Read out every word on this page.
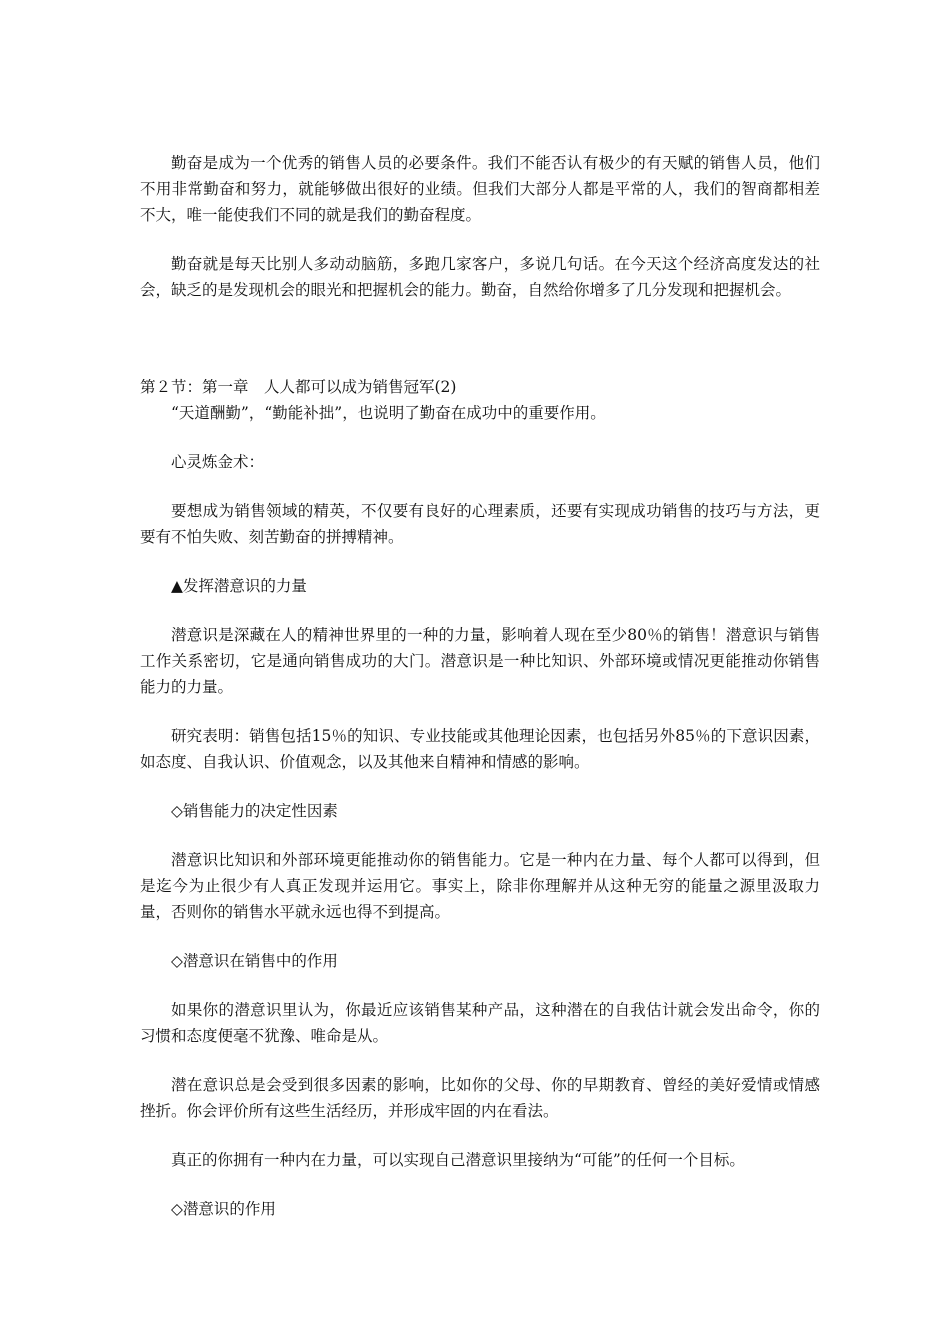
勤奋是成为一个优秀的销售人员的必要条件。我们不能否认有极少的有天赋的销售人员，他们不用非常勤奋和努力，就能够做出很好的业绩。但我们大部分人都是平常的人，我们的智商都相差不大，唯一能使我们不同的就是我们的勤奋程度。

勤奋就是每天比别人多动动脑筋，多跑几家客户，多说几句话。在今天这个经济高度发达的社会，缺乏的是发现机会的眼光和把握机会的能力。勤奋，自然给你增多了几分发现和把握机会。

第２节：第一章　人人都可以成为销售冠军(2)

“天道酬勤”，“勤能补拙”，也说明了勤奋在成功中的重要作用。

心灵炼金术：

要想成为销售领域的精英，不仅要有良好的心理素质，还要有实现成功销售的技巧与方法，更要有不怕失败、刻苦勤奋的拼搏精神。

▲发挥潜意识的力量

潜意识是深藏在人的精神世界里的一种的力量，影响着人现在至少80％的销售！潜意识与销售工作关系密切，它是通向销售成功的大门。潜意识是一种比知识、外部环境或情况更能推动你销售能力的力量。

研究表明：销售包括15％的知识、专业技能或其他理论因素，也包括另外85％的下意识因素，如态度、自我认识、价值观念，以及其他来自精神和情感的影响。

◇销售能力的决定性因素

潜意识比知识和外部环境更能推动你的销售能力。它是一种内在力量、每个人都可以得到，但是迄今为止很少有人真正发现并运用它。事实上，除非你理解并从这种无穷的能量之源里汲取力量，否则你的销售水平就永远也得不到提高。

◇潜意识在销售中的作用

如果你的潜意识里认为，你最近应该销售某种产品，这种潜在的自我估计就会发出命令，你的习惯和态度便毫不犹豫、唯命是从。

潜在意识总是会受到很多因素的影响，比如你的父母、你的早期教育、曾经的美好爱情或情感挫折。你会评价所有这些生活经历，并形成牢固的内在看法。

真正的你拥有一种内在力量，可以实现自己潜意识里接纳为“可能”的任何一个目标。

◇潜意识的作用
